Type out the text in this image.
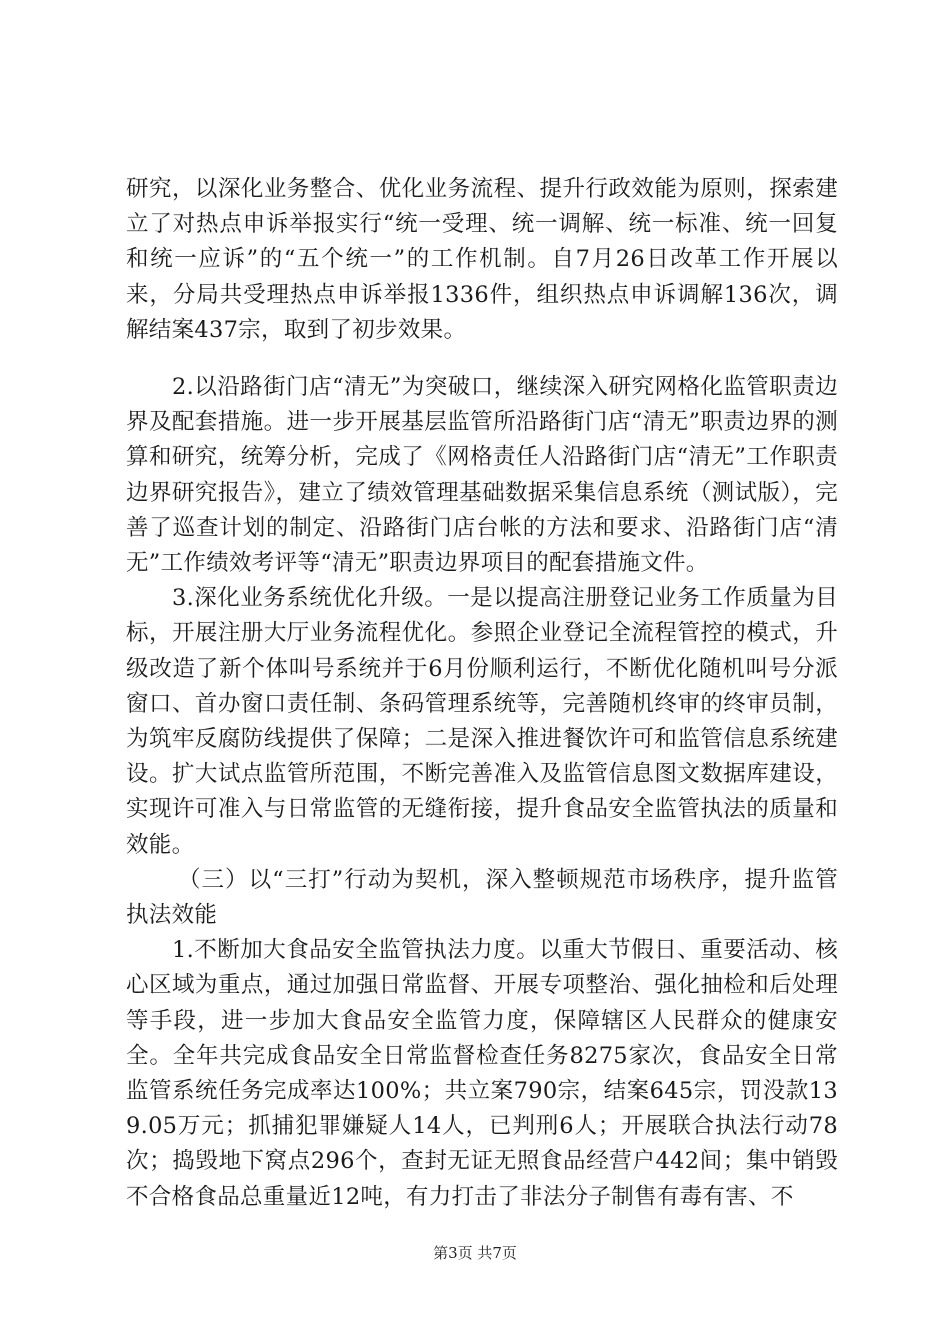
研究，以深化业务整合、优化业务流程、提升行政效能为原则，探索建立了对热点申诉举报实行“统一受理、统一调解、统一标准、统一回复和统一应诉”的“五个统一”的工作机制。自7月26日改革工作开展以来，分局共受理热点申诉举报1336件，组织热点申诉调解136次，调解结案437宗，取到了初步效果。

2.以沿路街门店“清无”为突破口，继续深入研究网格化监管职责边界及配套措施。进一步开展基层监管所沿路街门店“清无”职责边界的测算和研究，统筹分析，完成了《网格责任人沿路街门店“清无”工作职责边界研究报告》，建立了绩效管理基础数据采集信息系统（测试版），完善了巡查计划的制定、沿路街门店台帐的方法和要求、沿路街门店“清无”工作绩效考评等“清无”职责边界项目的配套措施文件。

3.深化业务系统优化升级。一是以提高注册登记业务工作质量为目标，开展注册大厅业务流程优化。参照企业登记全流程管控的模式，升级改造了新个体叫号系统并于6月份顺利运行，不断优化随机叫号分派窗口、首办窗口责任制、条码管理系统等，完善随机终审的终审员制，为筑牢反腐防线提供了保障；二是深入推进餐饮许可和监管信息系统建设。扩大试点监管所范围，不断完善准入及监管信息图文数据库建设，实现许可准入与日常监管的无缝衔接，提升食品安全监管执法的质量和效能。

（三）以“三打”行动为契机，深入整顿规范市场秩序，提升监管执法效能

1.不断加大食品安全监管执法力度。以重大节假日、重要活动、核心区域为重点，通过加强日常监督、开展专项整治、强化抽检和后处理等手段，进一步加大食品安全监管力度，保障辖区人民群众的健康安全。全年共完成食品安全日常监督检查任务8275家次，食品安全日常监管系统任务完成率达100%；共立案790宗，结案645宗，罚没款139.05万元；抓捕犯罪嫌疑人14人，已判刑6人；开展联合执法行动78次；捣毁地下窝点296个，查封无证无照食品经营户442间；集中销毁不合格食品总重量近12吨，有力打击了非法分子制售有毒有害、不

第3页 共7页
